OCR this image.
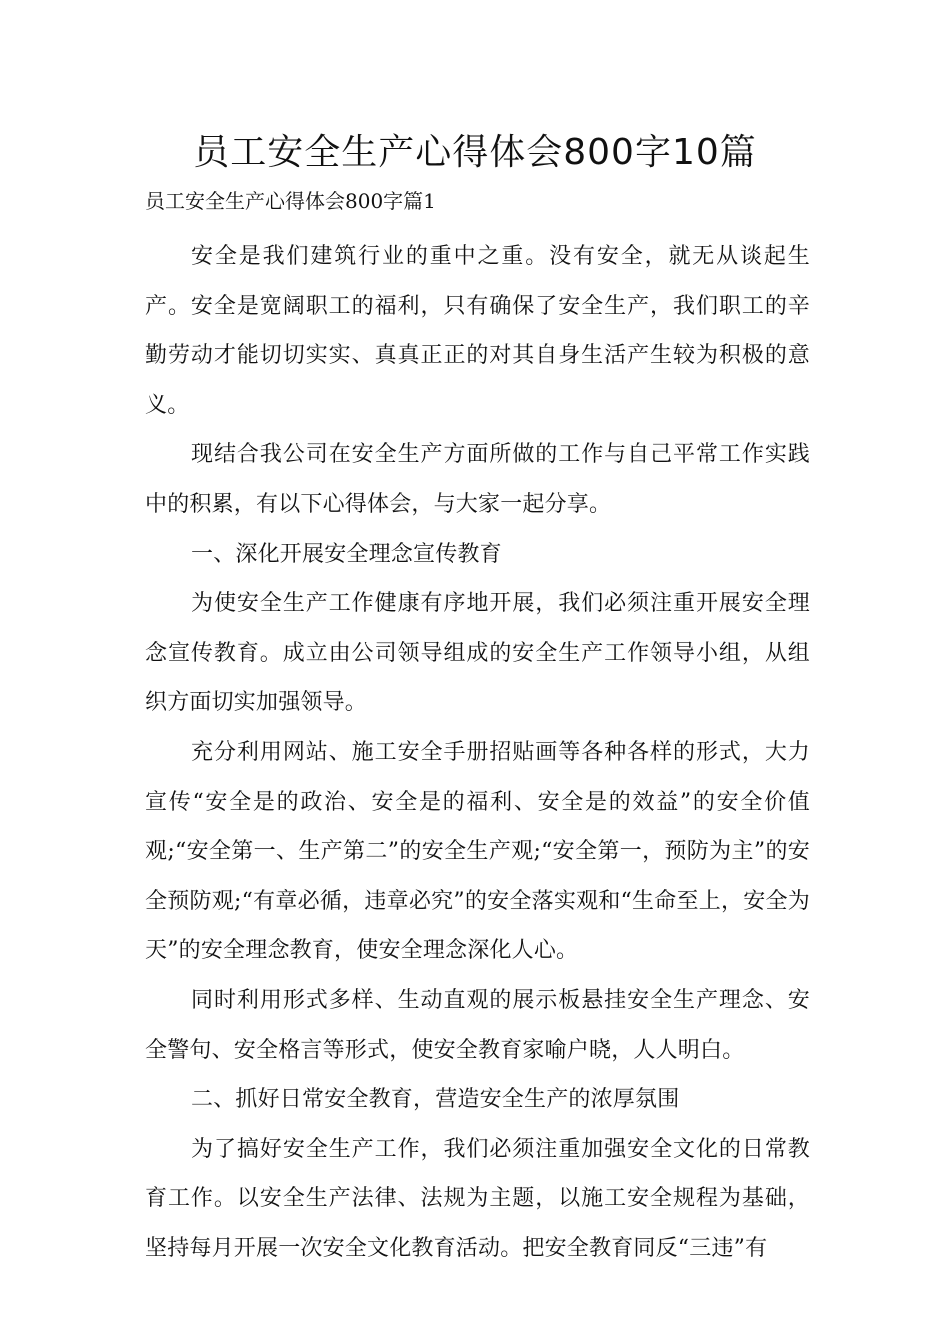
员工安全生产心得体会800字10篇

员工安全生产心得体会800字篇1

安全是我们建筑行业的重中之重。没有安全，就无从谈起生产。安全是宽阔职工的福利，只有确保了安全生产，我们职工的辛勤劳动才能切切实实、真真正正的对其自身生活产生较为积极的意义。

现结合我公司在安全生产方面所做的工作与自己平常工作实践中的积累，有以下心得体会，与大家一起分享。

一、深化开展安全理念宣传教育

为使安全生产工作健康有序地开展，我们必须注重开展安全理念宣传教育。成立由公司领导组成的安全生产工作领导小组，从组织方面切实加强领导。

充分利用网站、施工安全手册招贴画等各种各样的形式，大力宣传“安全是的政治、安全是的福利、安全是的效益”的安全价值观;“安全第一、生产第二”的安全生产观;“安全第一，预防为主”的安全预防观;“有章必循，违章必究”的安全落实观和“生命至上，安全为天”的安全理念教育，使安全理念深化人心。

同时利用形式多样、生动直观的展示板悬挂安全生产理念、安全警句、安全格言等形式，使安全教育家喻户晓，人人明白。

二、抓好日常安全教育，营造安全生产的浓厚氛围

为了搞好安全生产工作，我们必须注重加强安全文化的日常教育工作。以安全生产法律、法规为主题，以施工安全规程为基础，坚持每月开展一次安全文化教育活动。把安全教育同反“三违”有
